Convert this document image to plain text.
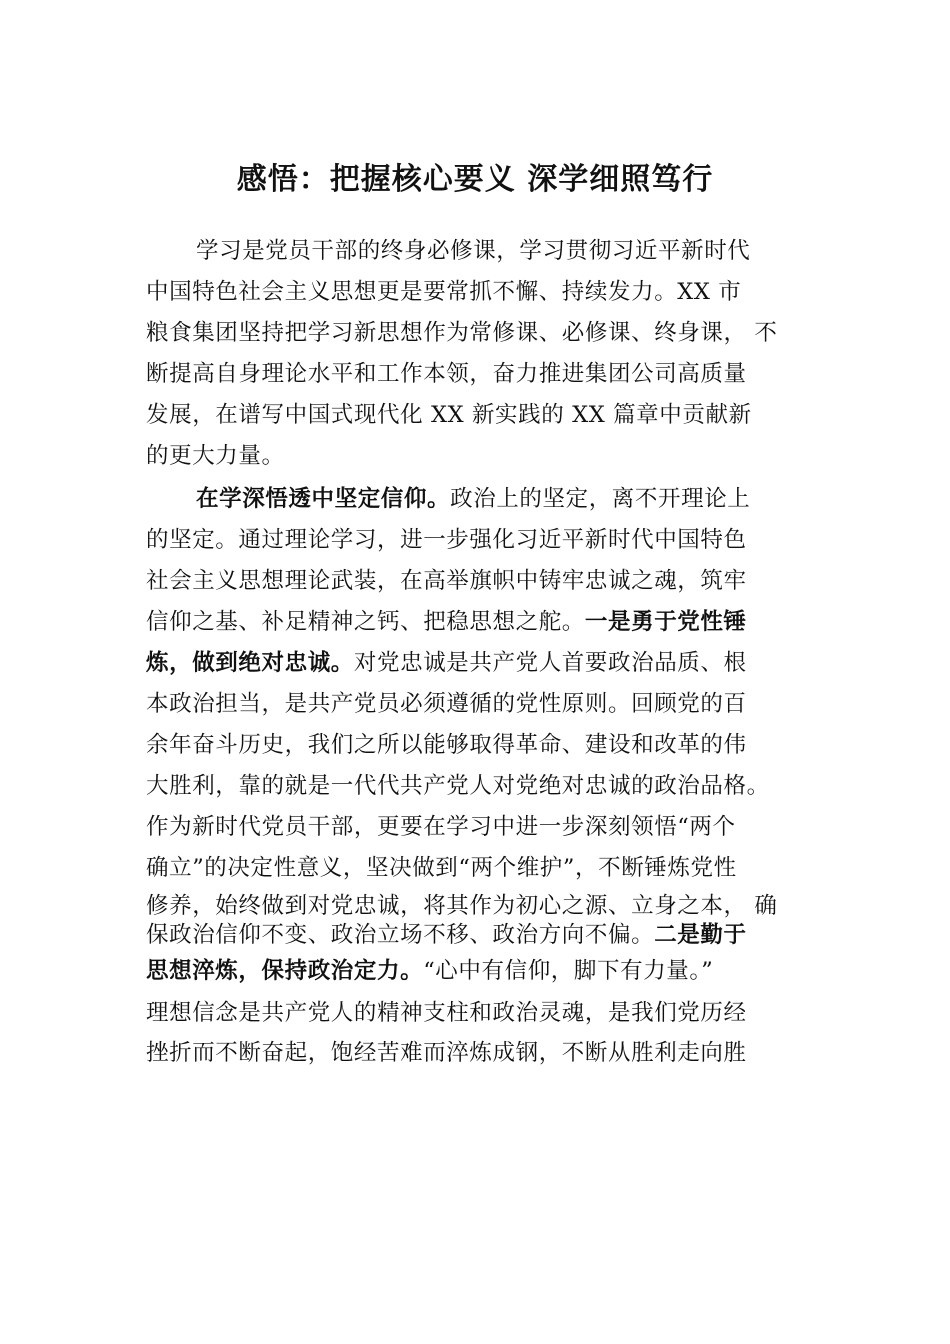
感悟：把握核心要义 深学细照笃行
学习是党员干部的终身必修课，学习贯彻习近平新时代
中国特色社会主义思想更是要常抓不懈、持续发力。XX 市
粮食集团坚持把学习新思想作为常修课、必修课、终身课， 不
断提高自身理论水平和工作本领，奋力推进集团公司高质量
发展，在谱写中国式现代化 XX 新实践的 XX 篇章中贡献新
的更大力量。
在学深悟透中坚定信仰。政治上的坚定，离不开理论上
的坚定。通过理论学习，进一步强化习近平新时代中国特色
社会主义思想理论武装，在高举旗帜中铸牢忠诚之魂，筑牢
信仰之基、补足精神之钙、把稳思想之舵。一是勇于党性锤
炼，做到绝对忠诚。对党忠诚是共产党人首要政治品质、根
本政治担当，是共产党员必须遵循的党性原则。回顾党的百
余年奋斗历史，我们之所以能够取得革命、建设和改革的伟
大胜利，靠的就是一代代共产党人对党绝对忠诚的政治品格。
作为新时代党员干部，更要在学习中进一步深刻领悟“两个
确立”的决定性意义，坚决做到“两个维护”，不断锤炼党性
修养，始终做到对党忠诚，将其作为初心之源、立身之本， 确
保政治信仰不变、政治立场不移、政治方向不偏。二是勤于
思想淬炼，保持政治定力。“心中有信仰，脚下有力量。”
理想信念是共产党人的精神支柱和政治灵魂，是我们党历经
挫折而不断奋起，饱经苦难而淬炼成钢，不断从胜利走向胜
